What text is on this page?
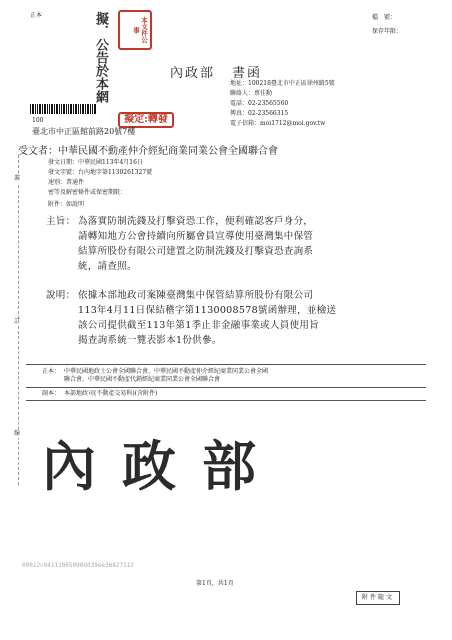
正本	檔　號：
保存年限：
擬．公告於本網	本文件公事
內政部 書函
擬定:轉發
地址：100218臺北市中正區徐州路5號
聯絡人：蔡佳勳
電話：02-23565560
傳真：02-23566315
電子信箱：moi1712@moi.gov.tw
100
臺北市中正區館前路20號7樓
受文者：中華民國不動產仲介經紀商業同業公會全國聯合會
發文日期：中華民國113年4月16日
發文字號：台內地字第1130261327號
速別：普通件
密等及解密條件或保密期限：
附件：如說明
裝
訂
線
主旨： 為落實防制洗錢及打擊資恐工作，便利確認客戶身分，
請轉知地方公會持續向所屬會員宣導使用臺灣集中保管
結算所股份有限公司建置之防制洗錢及打擊資恐查詢系
統，請查照。
說明： 依據本部地政司案陳臺灣集中保管結算所股份有限公司
113年4月11日保結稽字第1130008578號函辦理，並檢送
該公司提供截至113年第1季止非金融事業或人員使用旨
揭查詢系統一覽表影本1份供參。
正本： 中華民國地政士公會全國聯合會、中華民國不動產仲介經紀商業同業公會全國
聯合會、中華民國不動產代銷經紀商業同業公會全國聯合會
副本： 本部地政司(不動產交易科)(含附件)
內政部
00012c04111005090dd39ee36827112
第1頁，共1頁
附件隨文
